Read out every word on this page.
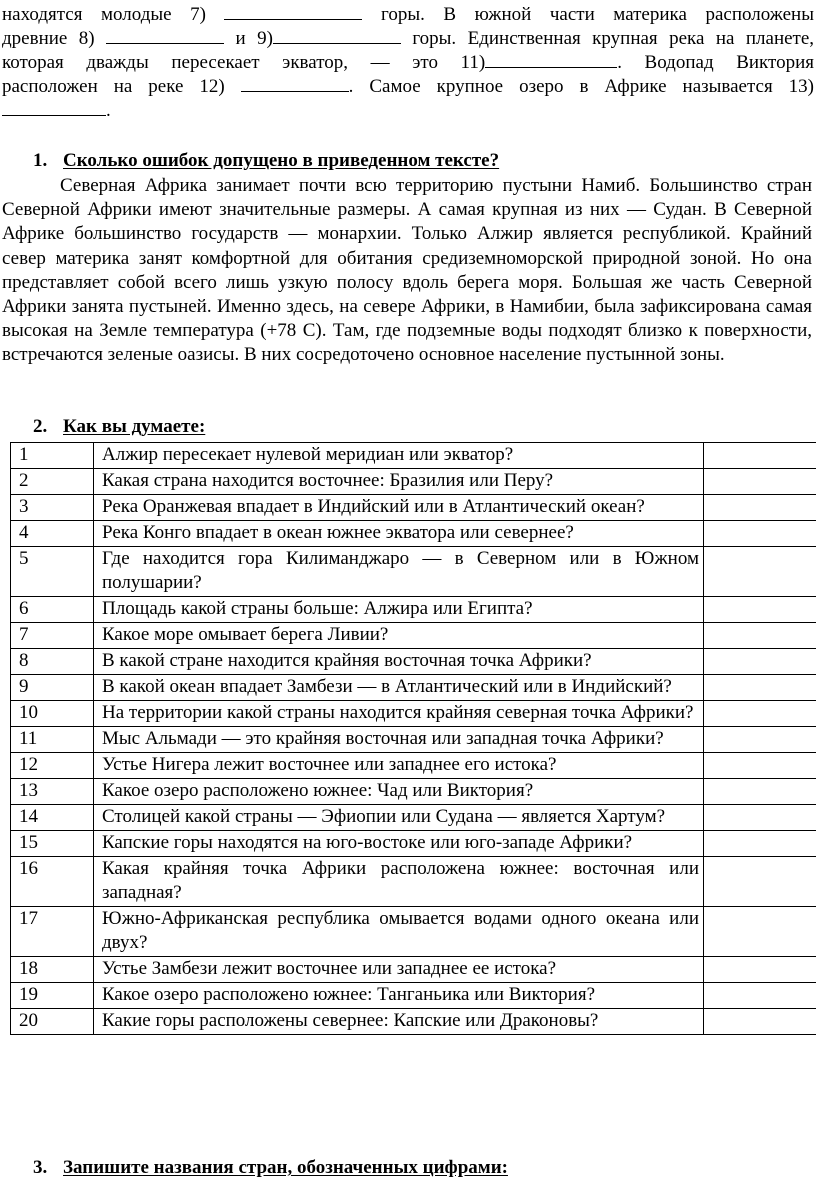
находятся молодые 7)	горы. В южной части материка расположены
древние 8)	и 9)	горы. Единственная крупная река на планете,
которая дважды пересекает экватор, — это 11)	. Водопад Виктория
расположен на реке 12)	. Самое крупное озеро в Африке называется 13)
.
1. Сколько ошибок допущено в приведенном тексте?
Северная Африка занимает почти всю территорию пустыни Намиб. Большинство стран Северной Африки имеют значительные размеры. А самая крупная из них — Судан. В Северной Африке большинство государств — монархии. Только Алжир является республикой. Крайний север материка занят комфортной для обитания средиземноморской природной зоной. Но она представляет собой всего лишь узкую полосу вдоль берега моря. Большая же часть Северной Африки занята пустыней. Именно здесь, на севере Африки, в Намибии, была зафиксирована самая высокая на Земле температура (+78 С). Там, где подземные воды подходят близко к поверхности, встречаются зеленые оазисы. В них сосредоточено основное население пустынной зоны.
2. Как вы думаете:
1	Алжир пересекает нулевой меридиан или экватор?	
2	Какая страна находится восточнее: Бразилия или Перу?	
3	Река Оранжевая впадает в Индийский или в Атлантический океан?	
4	Река Конго впадает в океан южнее экватора или севернее?	
5	Где находится гора Килиманджаро — в Северном или в Южном полушарии?	
6	Площадь какой страны больше: Алжира или Египта?	
7	Какое море омывает берега Ливии?	
8	В какой стране находится крайняя восточная точка Африки?	
9	В какой океан впадает Замбези — в Атлантический или в Индийский?	
10	На территории какой страны находится крайняя северная точка Африки?	
11	Мыс Альмади — это крайняя восточная или западная точка Африки?	
12	Устье Нигера лежит восточнее или западнее его истока?	
13	Какое озеро расположено южнее: Чад или Виктория?	
14	Столицей какой страны — Эфиопии или Судана — является Хартум?	
15	Капские горы находятся на юго-востоке или юго-западе Африки?	
16	Какая крайняя точка Африки расположена южнее: восточная или западная?	
17	Южно-Африканская республика омывается водами одного океана или двух?	
18	Устье Замбези лежит восточнее или западнее ее истока?	
19	Какое озеро расположено южнее: Танганьика или Виктория?	
20	Какие горы расположены севернее: Капские или Драконовы?	
3. Запишите названия стран, обозначенных цифрами:
